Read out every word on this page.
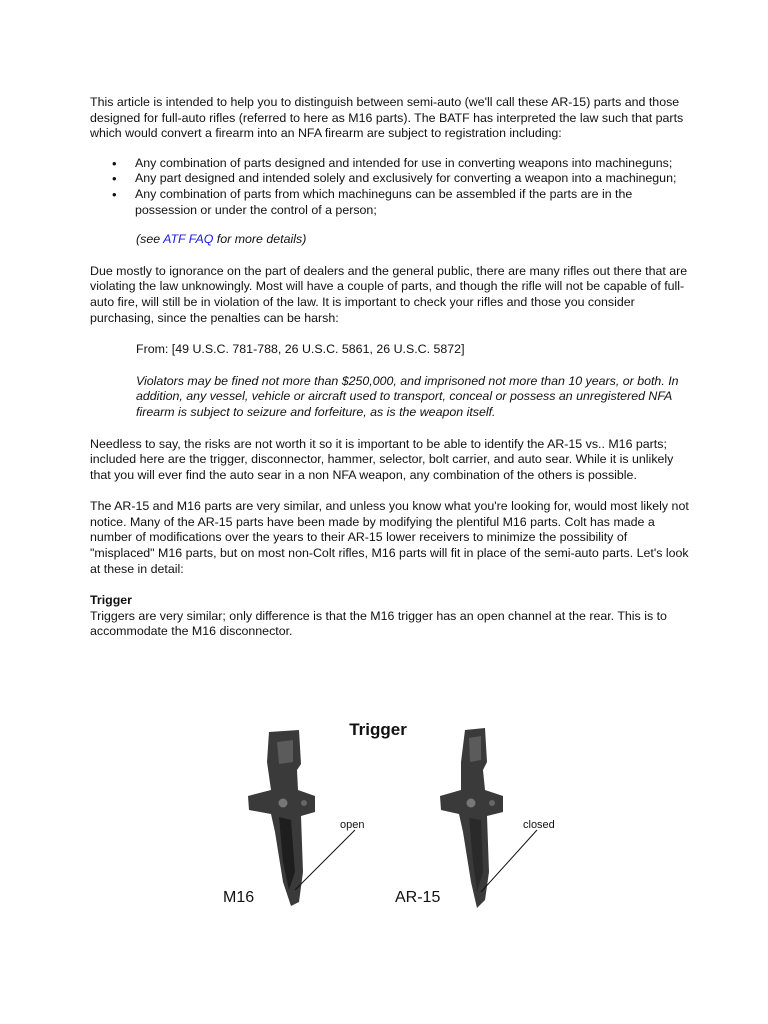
This article is intended to help you to distinguish between semi-auto (we'll call these AR-15) parts and those designed for full-auto rifles (referred to here as M16 parts). The BATF has interpreted the law such that parts which would convert a firearm into an NFA firearm are subject to registration including:

• Any combination of parts designed and intended for use in converting weapons into machineguns;
• Any part designed and intended solely and exclusively for converting a weapon into a machinegun;
• Any combination of parts from which machineguns can be assembled if the parts are in the possession or under the control of a person;

(see ATF FAQ for more details)

Due mostly to ignorance on the part of dealers and the general public, there are many rifles out there that are violating the law unknowingly. Most will have a couple of parts, and though the rifle will not be capable of full-auto fire, will still be in violation of the law. It is important to check your rifles and those you consider purchasing, since the penalties can be harsh:

From: [49 U.S.C. 781-788, 26 U.S.C. 5861, 26 U.S.C. 5872]

Violators may be fined not more than $250,000, and imprisoned not more than 10 years, or both. In addition, any vessel, vehicle or aircraft used to transport, conceal or possess an unregistered NFA firearm is subject to seizure and forfeiture, as is the weapon itself.

Needless to say, the risks are not worth it so it is important to be able to identify the AR-15 vs.. M16 parts; included here are the trigger, disconnector, hammer, selector, bolt carrier, and auto sear. While it is unlikely that you will ever find the auto sear in a non NFA weapon, any combination of the others is possible.

The AR-15 and M16 parts are very similar, and unless you know what you're looking for, would most likely not notice. Many of the AR-15 parts have been made by modifying the plentiful M16 parts. Colt has made a number of modifications over the years to their AR-15 lower receivers to minimize the possibility of "misplaced" M16 parts, but on most non-Colt rifles, M16 parts will fit in place of the semi-auto parts. Let's look at these in detail:

Trigger

Triggers are very similar; only difference is that the M16 trigger has an open channel at the rear. This is to accommodate the M16 disconnector.

Trigger
open	closed
M16	AR-15
